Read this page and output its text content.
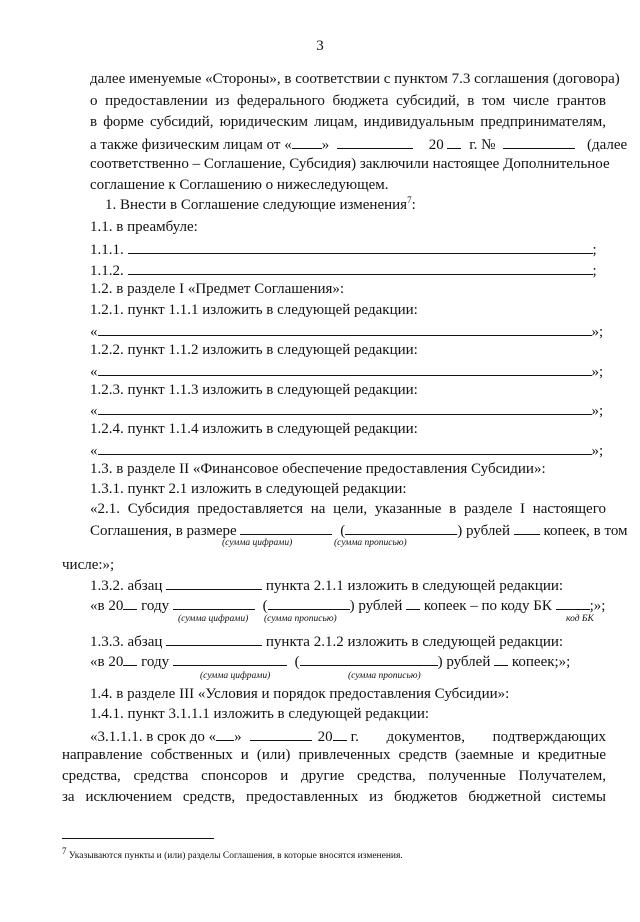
3
далее именуемые «Стороны», в соответствии с пунктом 7.3 соглашения (договора)
о предоставлении из федерального бюджета субсидий, в том числе грантов
в форме субсидий, юридическим лицам, индивидуальным предпринимателям,
а также физическим лицам от « »	20 г. №	(далее
соответственно – Соглашение, Субсидия) заключили настоящее Дополнительное
соглашение к Соглашению о нижеследующем.
1. Внести в Соглашение следующие изменения$^7$:
1.1. в преамбуле:
1.1.1.	;
1.1.2.	;
1.2. в разделе I «Предмет Соглашения»:
1.2.1. пункт 1.1.1 изложить в следующей редакции:
«	»;
1.2.2. пункт 1.1.2 изложить в следующей редакции:
«	»;
1.2.3. пункт 1.1.3 изложить в следующей редакции:
«	»;
1.2.4. пункт 1.1.4 изложить в следующей редакции:
«	»;
1.3. в разделе II «Финансовое обеспечение предоставления Субсидии»:
1.3.1. пункт 2.1 изложить в следующей редакции:
«2.1. Субсидия предоставляется на цели, указанные в разделе I настоящего
Соглашения, в размере	(	) рублей копеек, в том
(сумма цифрами)	(сумма прописью)
числе:»;
1.3.2. абзац	пункта 2.1.1 изложить в следующей редакции:
«в 20 году	(	) рублей копеек – по коду БК	;»;
(сумма цифрами) (сумма прописью)	код БК
1.3.3. абзац	пункта 2.1.2 изложить в следующей редакции:
«в 20 году	(	) рублей копеек;»;
(сумма цифрами)	(сумма прописью)
1.4. в разделе III «Условия и порядок предоставления Субсидии»:
1.4.1. пункт 3.1.1.1 изложить в следующей редакции:
«3.1.1.1. в срок до « »	20 г. документов, подтверждающих
направление собственных и (или) привлеченных средств (заемные и кредитные
средства, средства спонсоров и другие средства, полученные Получателем,
за исключением средств, предоставленных из бюджетов бюджетной системы
$^7$ Указываются пункты и (или) разделы Соглашения, в которые вносятся изменения.
